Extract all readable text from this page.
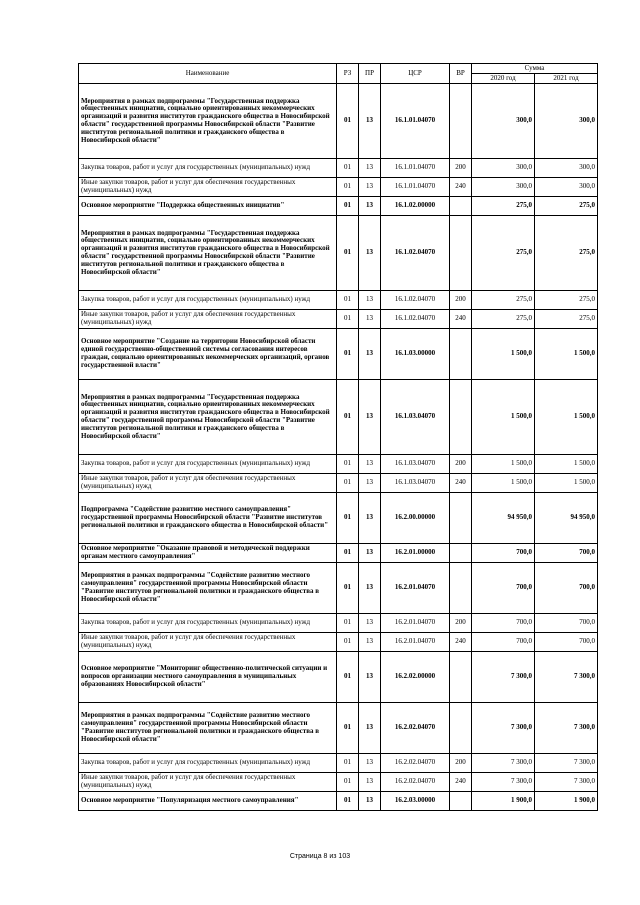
Наименование	РЗ	ПР	ЦСР	ВР	Сумма	
					2020 год	2021 год
Мероприятия в рамках подпрограммы "Государственная поддержка общественных инициатив, социально ориентированных некоммерческих организаций и развития институтов гражданского общества в Новосибирской области" государственной программы Новосибирской области "Развитие институтов региональной политики и гражданского общества в Новосибирской области"	01	13	16.1.01.04070		300,0	300,0
Закупка товаров, работ и услуг для государственных (муниципальных) нужд	01	13	16.1.01.04070	200	300,0	300,0
Иные закупки товаров, работ и услуг для обеспечения государственных (муниципальных) нужд	01	13	16.1.01.04070	240	300,0	300,0
Основное мероприятие "Поддержка общественных инициатив"	01	13	16.1.02.00000		275,0	275,0
Мероприятия в рамках подпрограммы "Государственная поддержка общественных инициатив, социально ориентированных некоммерческих организаций и развития институтов гражданского общества в Новосибирской области" государственной программы Новосибирской области "Развитие институтов региональной политики и гражданского общества в Новосибирской области"	01	13	16.1.02.04070		275,0	275,0
Закупка товаров, работ и услуг для государственных (муниципальных) нужд	01	13	16.1.02.04070	200	275,0	275,0
Иные закупки товаров, работ и услуг для обеспечения государственных (муниципальных) нужд	01	13	16.1.02.04070	240	275,0	275,0
Основное мероприятие "Создание на территории Новосибирской области единой государственно-общественной системы согласования интересов граждан, социально ориентированных некоммерческих организаций, органов государственной власти"	01	13	16.1.03.00000		1 500,0	1 500,0
Мероприятия в рамках подпрограммы "Государственная поддержка общественных инициатив, социально ориентированных некоммерческих организаций и развития институтов гражданского общества в Новосибирской области" государственной программы Новосибирской области "Развитие институтов региональной политики и гражданского общества в Новосибирской области"	01	13	16.1.03.04070		1 500,0	1 500,0
Закупка товаров, работ и услуг для государственных (муниципальных) нужд	01	13	16.1.03.04070	200	1 500,0	1 500,0
Иные закупки товаров, работ и услуг для обеспечения государственных (муниципальных) нужд	01	13	16.1.03.04070	240	1 500,0	1 500,0
Подпрограмма "Содействие развитию местного самоуправления" государственной программы Новосибирской области "Развитие институтов региональной политики и гражданского общества в Новосибирской области"	01	13	16.2.00.00000		94 950,0	94 950,0
Основное мероприятие "Оказание правовой и методической поддержки органам местного самоуправления"	01	13	16.2.01.00000		700,0	700,0
Мероприятия в рамках подпрограммы "Содействие развитию местного самоуправления" государственной программы Новосибирской области "Развитие институтов региональной политики и гражданского общества в Новосибирской области"	01	13	16.2.01.04070		700,0	700,0
Закупка товаров, работ и услуг для государственных (муниципальных) нужд	01	13	16.2.01.04070	200	700,0	700,0
Иные закупки товаров, работ и услуг для обеспечения государственных (муниципальных) нужд	01	13	16.2.01.04070	240	700,0	700,0
Основное мероприятие "Мониторинг общественно-политической ситуации и вопросов организации местного самоуправления в муниципальных образованиях Новосибирской области"	01	13	16.2.02.00000		7 300,0	7 300,0
Мероприятия в рамках подпрограммы "Содействие развитию местного самоуправления" государственной программы Новосибирской области "Развитие институтов региональной политики и гражданского общества в Новосибирской области"	01	13	16.2.02.04070		7 300,0	7 300,0
Закупка товаров, работ и услуг для государственных (муниципальных) нужд	01	13	16.2.02.04070	200	7 300,0	7 300,0
Иные закупки товаров, работ и услуг для обеспечения государственных (муниципальных) нужд	01	13	16.2.02.04070	240	7 300,0	7 300,0
Основное мероприятие "Популяризация местного самоуправления"	01	13	16.2.03.00000		1 900,0	1 900,0
Страница 8 из 103
